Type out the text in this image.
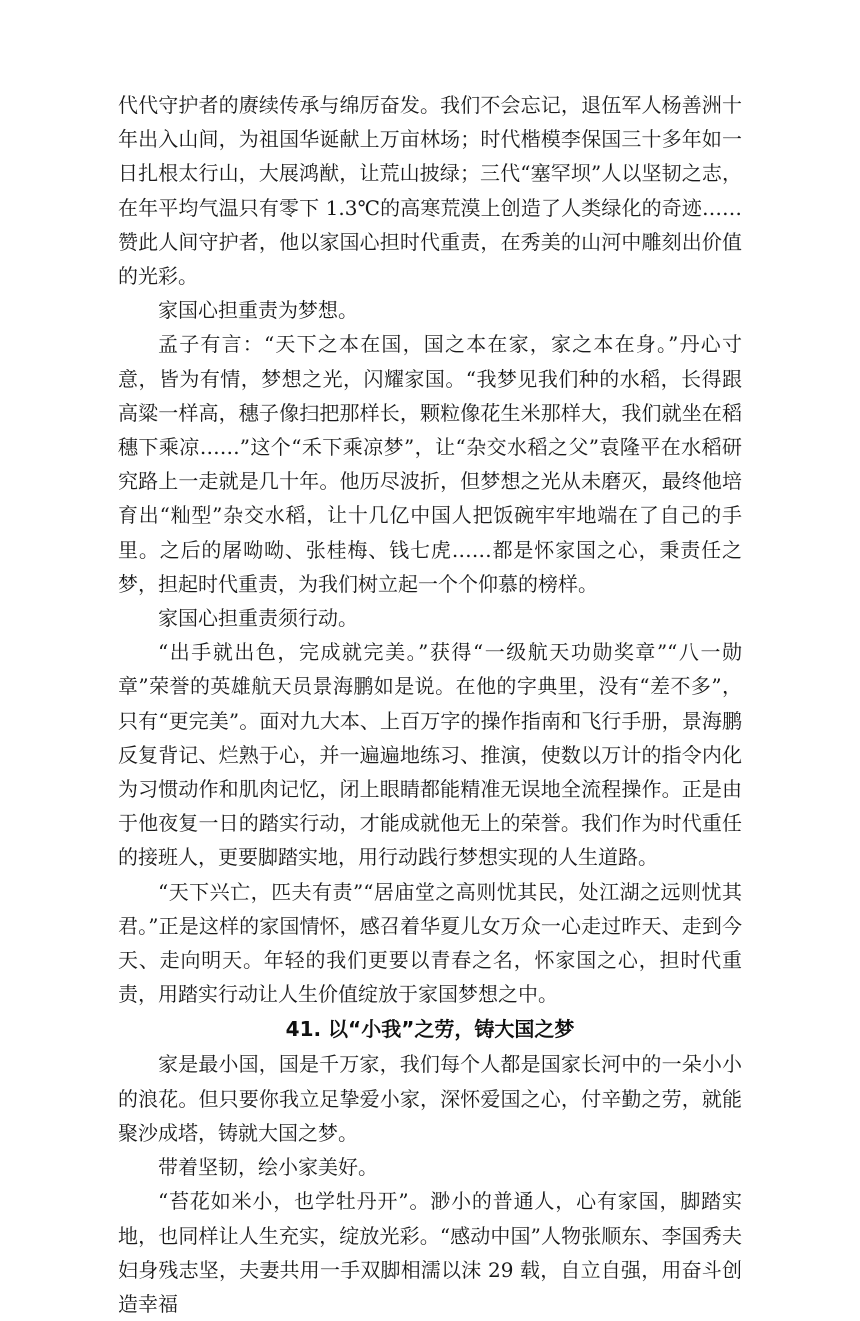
代代守护者的赓续传承与绵厉奋发。我们不会忘记，退伍军人杨善洲十年出入山间，为祖国华诞献上万亩林场；时代楷模李保国三十多年如一日扎根太行山，大展鸿猷，让荒山披绿；三代“塞罕坝”人以坚韧之志，在年平均气温只有零下 1.3℃的高寒荒漠上创造了人类绿化的奇迹……赞此人间守护者，他以家国心担时代重责，在秀美的山河中雕刻出价值的光彩。

家国心担重责为梦想。

孟子有言：“天下之本在国，国之本在家，家之本在身。”丹心寸意，皆为有情，梦想之光，闪耀家国。“我梦见我们种的水稻，长得跟高粱一样高，穗子像扫把那样长，颗粒像花生米那样大，我们就坐在稻穗下乘凉……”这个“禾下乘凉梦”，让“杂交水稻之父”袁隆平在水稻研究路上一走就是几十年。他历尽波折，但梦想之光从未磨灭，最终他培育出“籼型”杂交水稻，让十几亿中国人把饭碗牢牢地端在了自己的手里。之后的屠呦呦、张桂梅、钱七虎……都是怀家国之心，秉责任之梦，担起时代重责，为我们树立起一个个仰慕的榜样。

家国心担重责须行动。

“出手就出色，完成就完美。”获得“一级航天功勋奖章”“八一勋章”荣誉的英雄航天员景海鹏如是说。在他的字典里，没有“差不多”，只有“更完美”。面对九大本、上百万字的操作指南和飞行手册，景海鹏反复背记、烂熟于心，并一遍遍地练习、推演，使数以万计的指令内化为习惯动作和肌肉记忆，闭上眼睛都能精准无误地全流程操作。正是由于他夜复一日的踏实行动，才能成就他无上的荣誉。我们作为时代重任的接班人，更要脚踏实地，用行动践行梦想实现的人生道路。

“天下兴亡，匹夫有责”“居庙堂之高则忧其民，处江湖之远则忧其君。”正是这样的家国情怀，感召着华夏儿女万众一心走过昨天、走到今天、走向明天。年轻的我们更要以青春之名，怀家国之心，担时代重责，用踏实行动让人生价值绽放于家国梦想之中。

41. 以“小我”之劳，铸大国之梦

家是最小国，国是千万家，我们每个人都是国家长河中的一朵小小的浪花。但只要你我立足挚爱小家，深怀爱国之心，付辛勤之劳，就能聚沙成塔，铸就大国之梦。

带着坚韧，绘小家美好。

“苔花如米小，也学牡丹开”。渺小的普通人，心有家国，脚踏实地，也同样让人生充实，绽放光彩。“感动中国”人物张顺东、李国秀夫妇身残志坚，夫妻共用一手双脚相濡以沫 29 载，自立自强，用奋斗创造幸福
